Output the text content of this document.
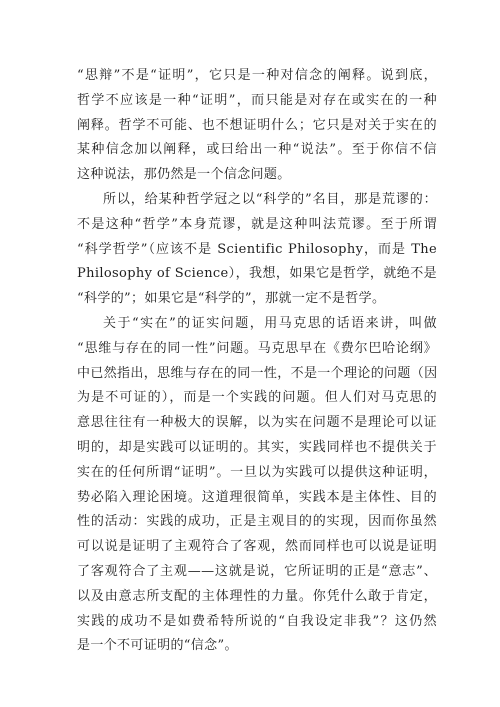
“思辩”不是“证明”，它只是一种对信念的阐释。说到底，
哲学不应该是一种“证明”，而只能是对存在或实在的一种
阐释。哲学不可能、也不想证明什么；它只是对关于实在的
某种信念加以阐释，或曰给出一种“说法”。至于你信不信
这种说法，那仍然是一个信念问题。
所以，给某种哲学冠之以“科学的”名目，那是荒谬的：
不是这种“哲学”本身荒谬，就是这种叫法荒谬。至于所谓
“科学哲学”（应该不是 Scientific Philosophy，而是 The
Philosophy of Science），我想，如果它是哲学，就绝不是
“科学的”；如果它是“科学的”，那就一定不是哲学。
关于“实在”的证实问题，用马克思的话语来讲，叫做
“思维与存在的同一性”问题。马克思早在《费尔巴哈论纲》
中已然指出，思维与存在的同一性，不是一个理论的问题（因
为是不可证的），而是一个实践的问题。但人们对马克思的
意思往往有一种极大的误解，以为实在问题不是理论可以证
明的，却是实践可以证明的。其实，实践同样也不提供关于
实在的任何所谓“证明”。一旦以为实践可以提供这种证明，
势必陷入理论困境。这道理很简单，实践本是主体性、目的
性的活动：实践的成功，正是主观目的的实现，因而你虽然
可以说是证明了主观符合了客观，然而同样也可以说是证明
了客观符合了主观——这就是说，它所证明的正是“意志”、
以及由意志所支配的主体理性的力量。你凭什么敢于肯定，
实践的成功不是如费希特所说的“自我设定非我”？这仍然
是一个不可证明的“信念”。
